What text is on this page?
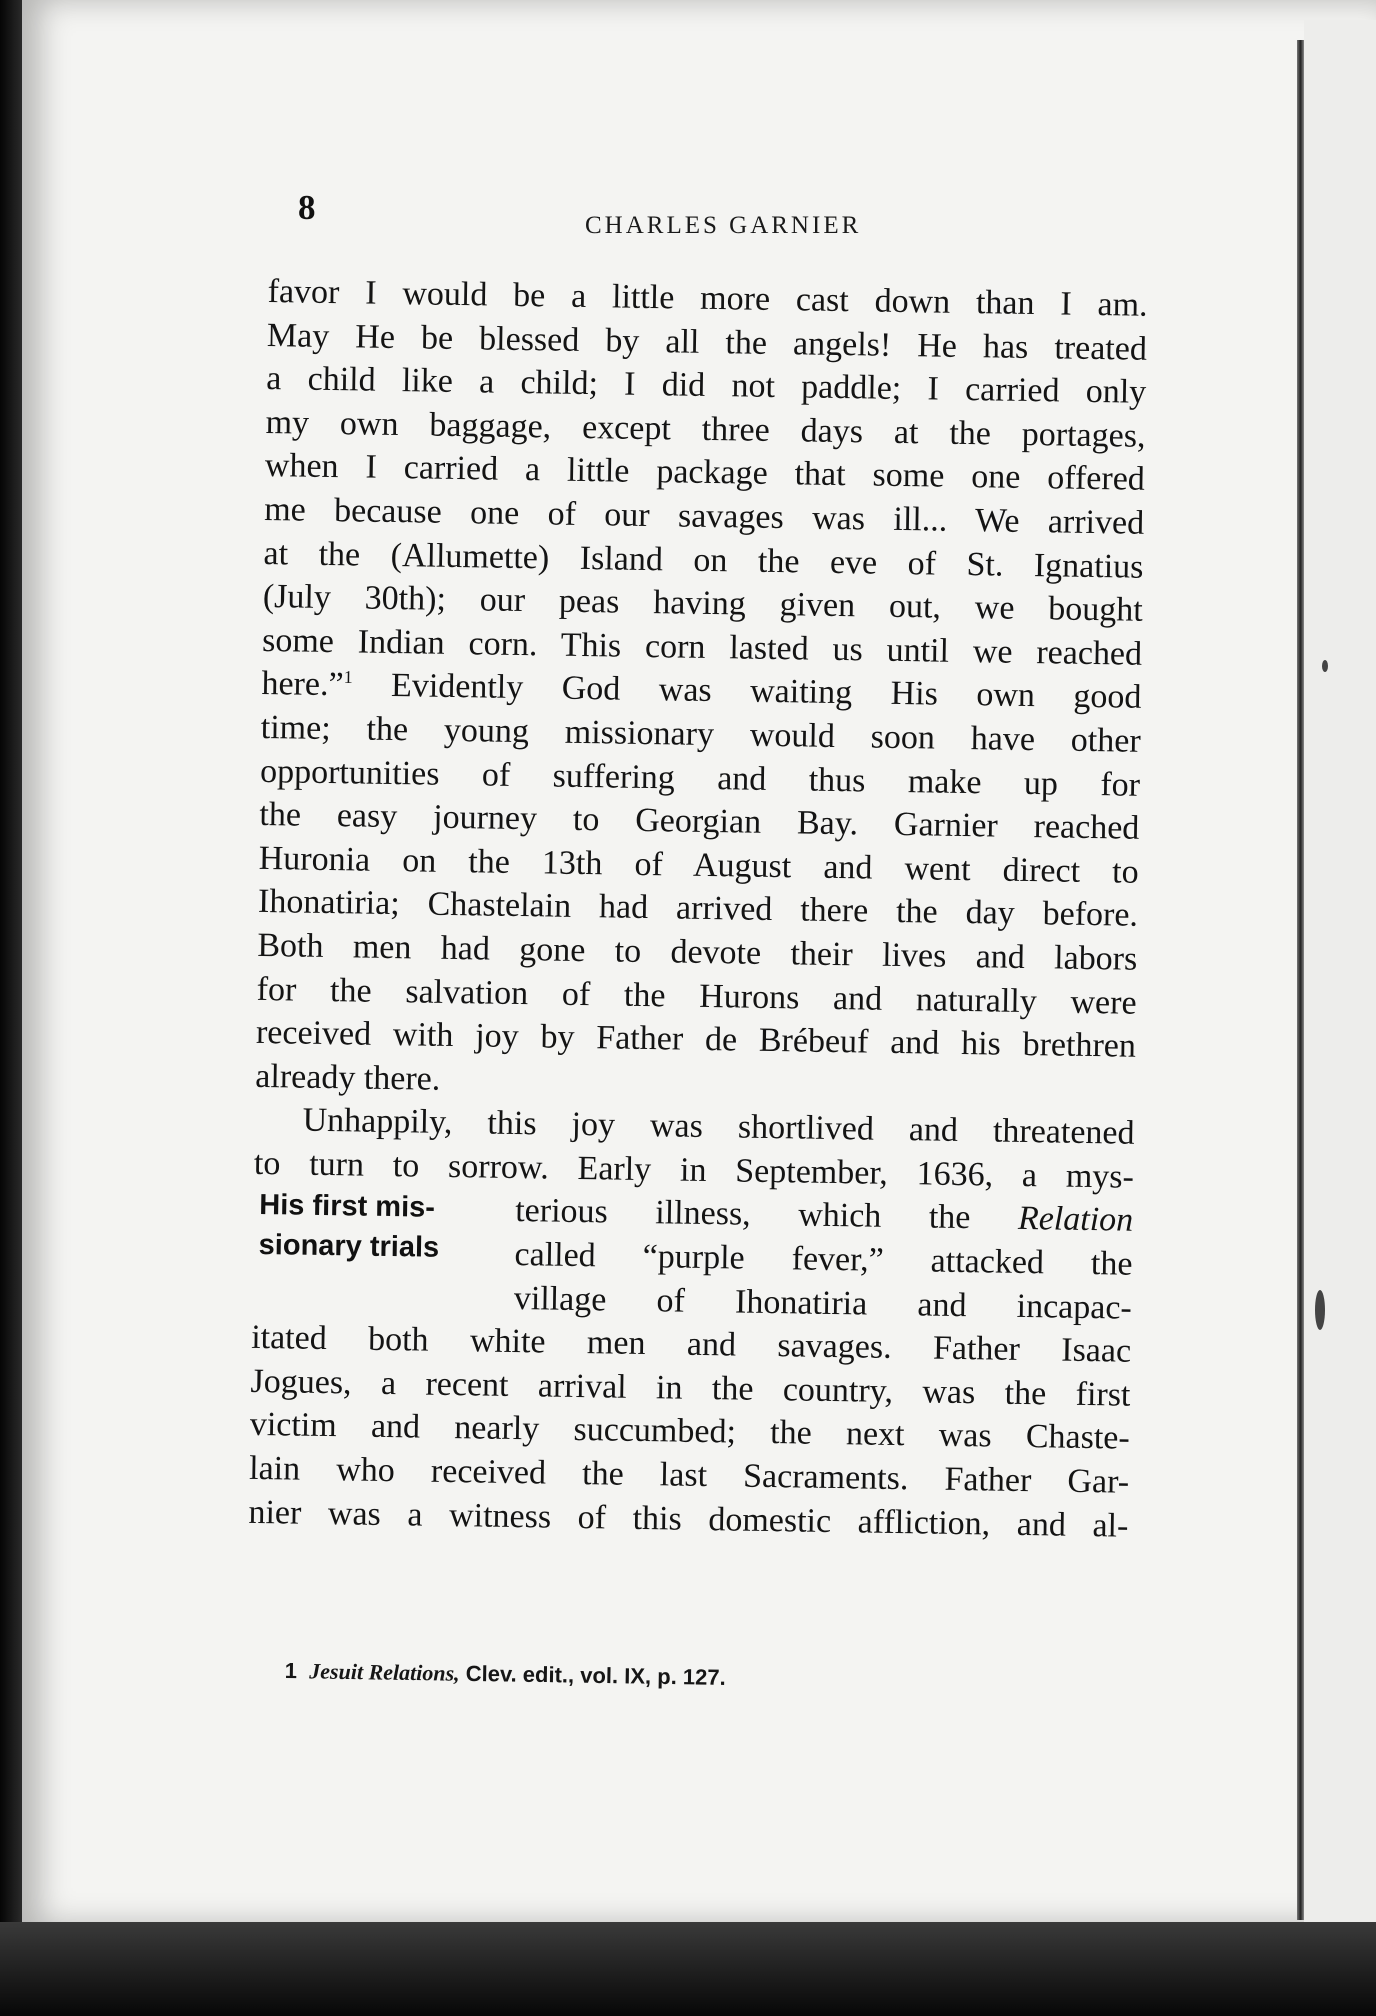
8	CHARLES GARNIER
favor I would be a little more cast down than I am.
May He be blessed by all the angels! He has treated
a child like a child; I did not paddle; I carried only
my own baggage, except three days at the portages,
when I carried a little package that some one offered
me because one of our savages was ill... We arrived
at the (Allumette) Island on the eve of St. Ignatius
(July 30th); our peas having given out, we bought
some Indian corn. This corn lasted us until we reached
here.”$^1$ Evidently God was waiting His own good
time; the young missionary would soon have other
opportunities of suffering and thus make up for
the easy journey to Georgian Bay. Garnier reached
Huronia on the 13th of August and went direct to
Ihonatiria; Chastelain had arrived there the day before.
Both men had gone to devote their lives and labors
for the salvation of the Hurons and naturally were
received with joy by Father de Brébeuf and his brethren
already there.
Unhappily, this joy was shortlived and threatened
to turn to sorrow. Early in September, 1636, a mys-
His first mis-
sionary trials
terious illness, which the Relation
called “purple fever,” attacked the
village of Ihonatiria and incapac-
itated both white men and savages. Father Isaac
Jogues, a recent arrival in the country, was the first
victim and nearly succumbed; the next was Chaste-
lain who received the last Sacraments. Father Gar-
nier was a witness of this domestic affliction, and al-
1 Jesuit Relations, Clev. edit., vol. IX, p. 127.
